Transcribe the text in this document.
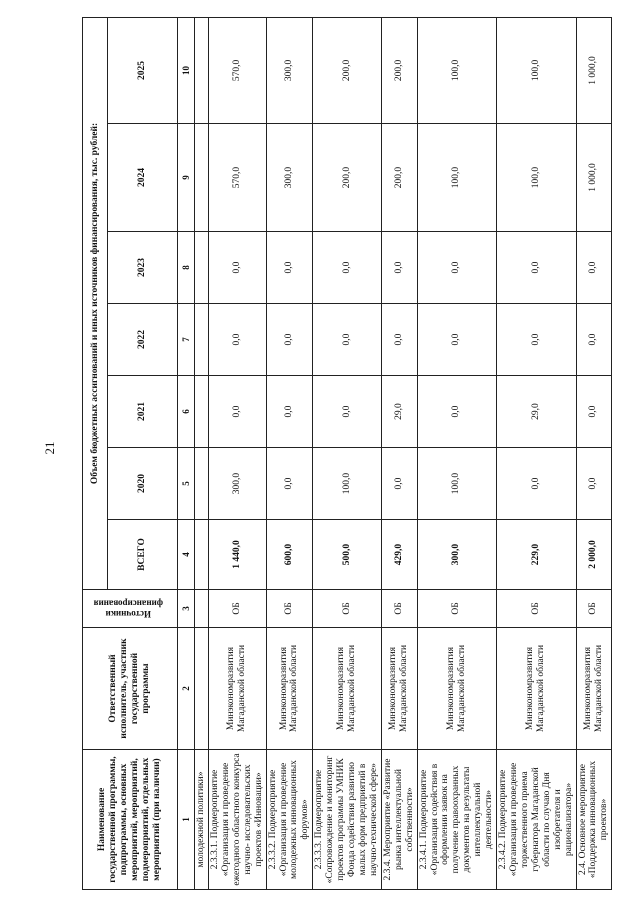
21
Наименование государственной программы, подпрограммы, основных мероприятий, мероприятий, подмероприятий, отдельных мероприятий (при наличии)	Ответственный исполнитель, участник государственной программы	Источники финансирования	Объем бюджетных ассигнований и иных источников финансирования, тыс. рублей:						
			ВСЕГО	2020	2021	2022	2023	2024	2025
1	2	3	4	5	6	7	8	9	10
молодежной политики»									
2.3.3.1. Подмероприятие «Организация и проведение ежегодного областного конкурса научно- исследовательских проектов «Инновации»	Минэкономразвития Магаданской области	ОБ	1 440,0	300,0	0,0	0,0	0,0	570,0	570,0
2.3.3.2. Подмероприятие «Организация и проведение молодежных инновационных форумов»	Минэкономразвития Магаданской области	ОБ	600,0	0,0	0,0	0,0	0,0	300,0	300,0
2.3.3.3. Подмероприятие «Сопровождение и мониторинг проектов программы УМНИК Фонда содействия развитию малых форм предприятий в научно-технической сфере»	Минэкономразвития Магаданской области	ОБ	500,0	100,0	0,0	0,0	0,0	200,0	200,0
2.3.4. Мероприятие «Развитие рынка интеллектуальной собственности»	Минэкономразвития Магаданской области	ОБ	429,0	0,0	29,0	0,0	0,0	200,0	200,0
2.3.4.1. Подмероприятие «Организация содействия в оформлении заявок на получение правоохранных документов на результаты интеллектуальной деятельности»	Минэкономразвития Магаданской области	ОБ	300,0	100,0	0,0	0,0	0,0	100,0	100,0
2.3.4.2. Подмероприятие «Организация и проведение торжественного приема губернатора Магаданской области по случаю Дня изобретателя и рационализатора»	Минэкономразвития Магаданской области	ОБ	229,0	0,0	29,0	0,0	0,0	100,0	100,0
2.4. Основное мероприятие «Поддержка инновационных проектов»	Минэкономразвития Магаданской области	ОБ	2 000,0	0,0	0,0	0,0	0,0	1 000,0	1 000,0
